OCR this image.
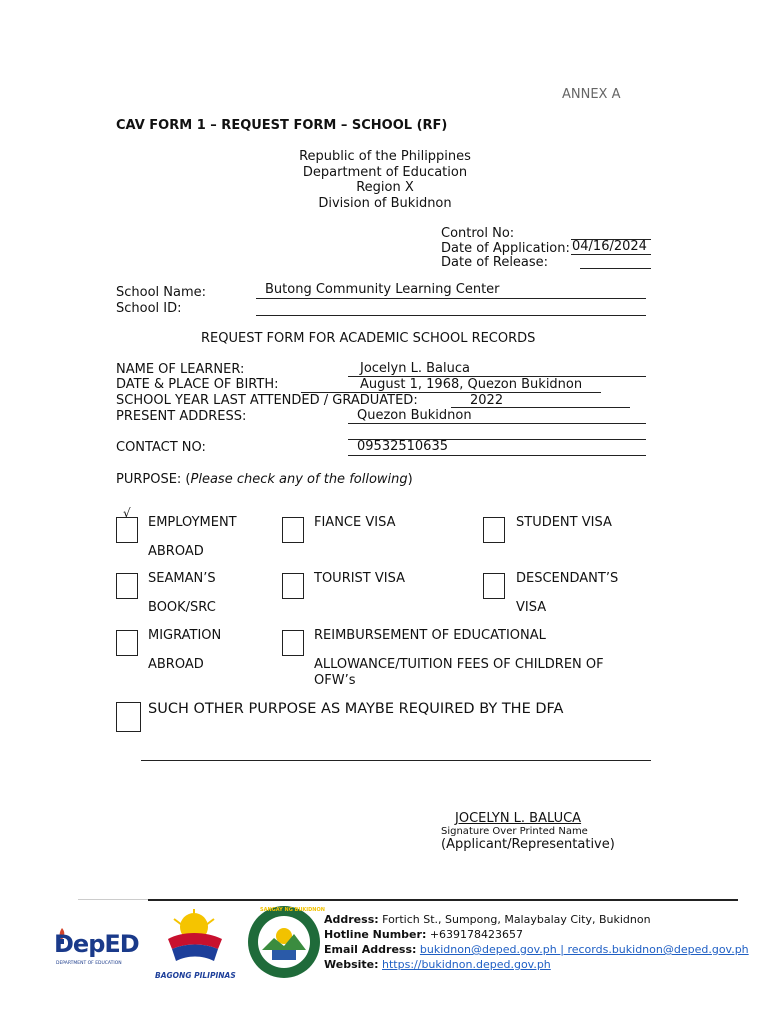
ANNEX A
CAV FORM 1 – REQUEST FORM – SCHOOL (RF)
Republic of the Philippines
Department of Education
Region X
Division of Bukidnon
Control No:
Date of Application: 04/16/2024
Date of Release:
School Name:	Butong Community Learning Center
School ID:
REQUEST FORM FOR ACADEMIC SCHOOL RECORDS
NAME OF LEARNER:	Jocelyn L. Baluca
DATE & PLACE OF BIRTH:	August 1, 1968, Quezon Bukidnon
SCHOOL YEAR LAST ATTENDED / GRADUATED:	2022
PRESENT ADDRESS:	Quezon Bukidnon
CONTACT NO:	09532510635
PURPOSE: (Please check any of the following)
√
EMPLOYMENT
ABROAD
FIANCE VISA	STUDENT VISA
SEAMAN’S
BOOK/SRC
TOURIST VISA	DESCENDANT’S
VISA
MIGRATION
ABROAD
REIMBURSEMENT OF EDUCATIONAL
ALLOWANCE/TUITION FEES OF CHILDREN OF
OFW’s
SUCH OTHER PURPOSE AS MAYBE REQUIRED BY THE DFA
JOCELYN L. BALUCA
Signature Over Printed Name
(Applicant/Representative)
DepED
DEPARTMENT OF EDUCATION
BAGONG PILIPINAS
SANGAY NG BUKIDNON
Address: Fortich St., Sumpong, Malaybalay City, Bukidnon
Hotline Number: +639178423657
Email Address: bukidnon@deped.gov.ph | records.bukidnon@deped.gov.ph
Website: https://bukidnon.deped.gov.ph
